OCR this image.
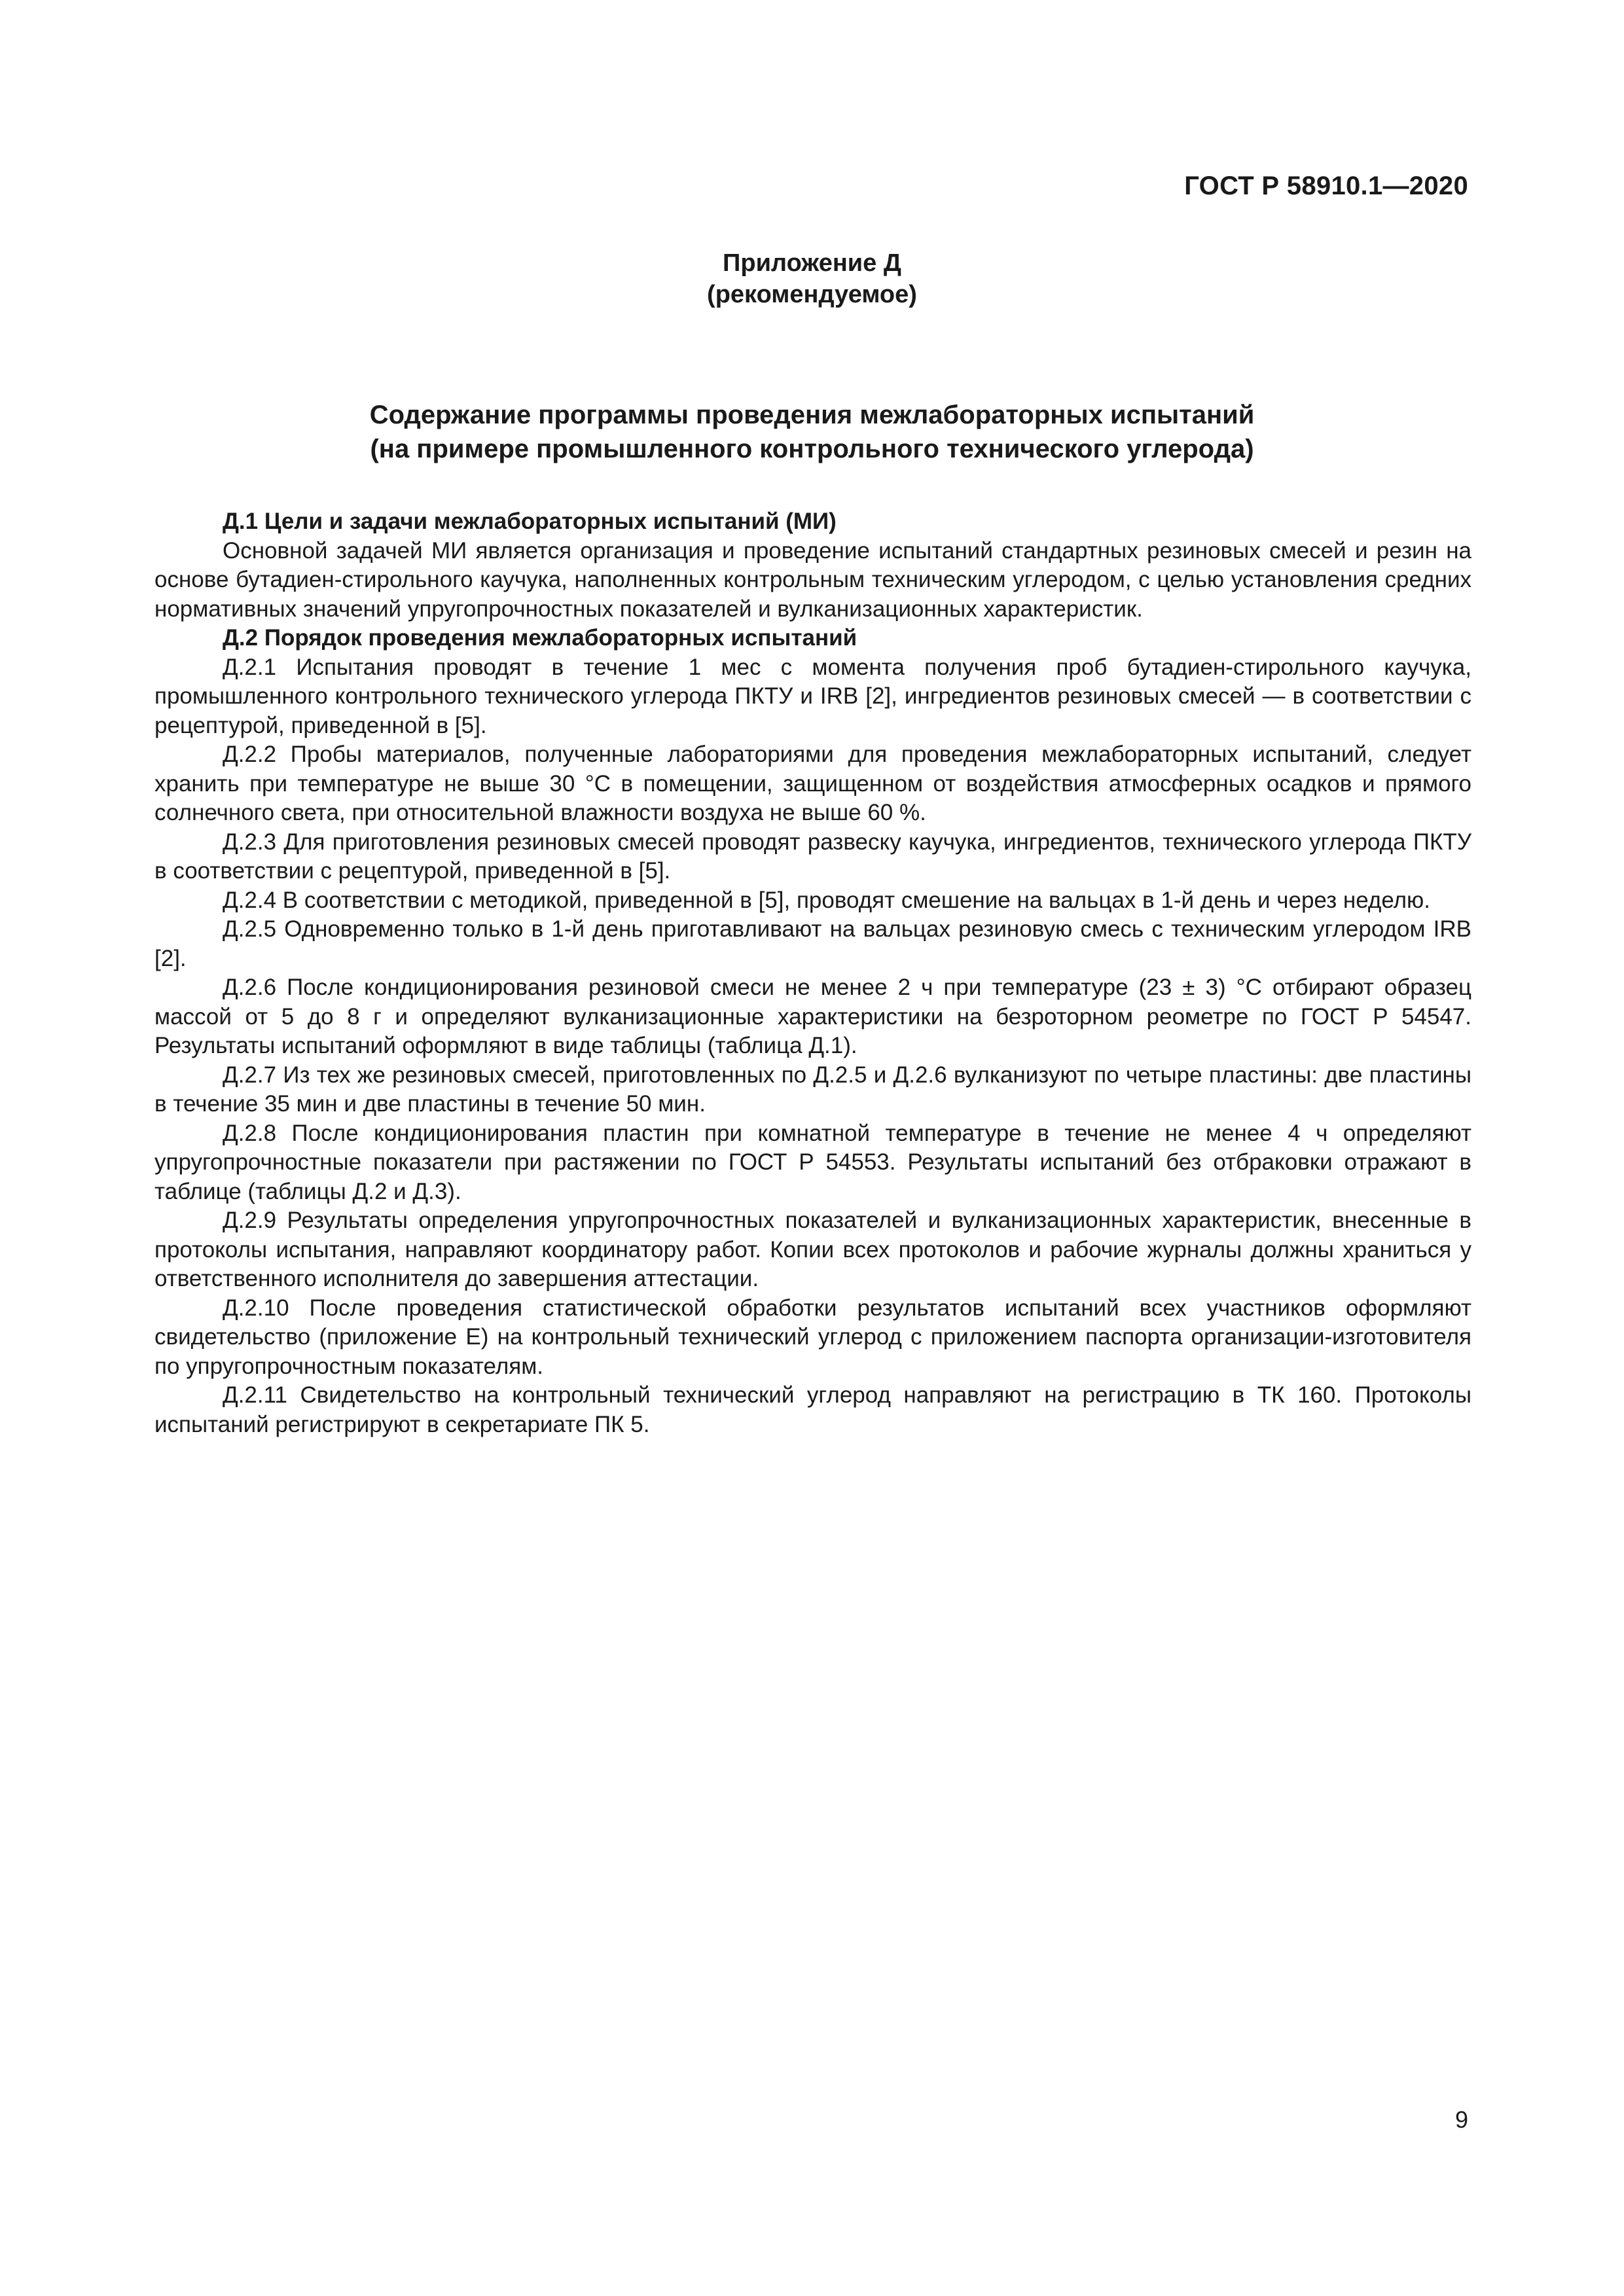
ГОСТ Р 58910.1—2020
Приложение Д
(рекомендуемое)
Содержание программы проведения межлабораторных испытаний
(на примере промышленного контрольного технического углерода)

Д.1 Цели и задачи межлабораторных испытаний (МИ)

Основной задачей МИ является организация и проведение испытаний стандартных резиновых смесей и резин на основе бутадиен-стирольного каучука, наполненных контрольным техническим углеродом, с целью установления средних нормативных значений упругопрочностных показателей и вулканизационных характеристик.

Д.2 Порядок проведения межлабораторных испытаний

Д.2.1 Испытания проводят в течение 1 мес с момента получения проб бутадиен-стирольного каучука, промышленного контрольного технического углерода ПКТУ и IRB [2], ингредиентов резиновых смесей — в соответствии с рецептурой, приведенной в [5].

Д.2.2 Пробы материалов, полученные лабораториями для проведения межлабораторных испытаний, следует хранить при температуре не выше 30 °С в помещении, защищенном от воздействия атмосферных осадков и прямого солнечного света, при относительной влажности воздуха не выше 60 %.

Д.2.3 Для приготовления резиновых смесей проводят развеску каучука, ингредиентов, технического углерода ПКТУ в соответствии с рецептурой, приведенной в [5].

Д.2.4 В соответствии с методикой, приведенной в [5], проводят смешение на вальцах в 1-й день и через неделю.

Д.2.5 Одновременно только в 1-й день приготавливают на вальцах резиновую смесь с техническим углеродом IRB [2].

Д.2.6 После кондиционирования резиновой смеси не менее 2 ч при температуре (23 ± 3) °С отбирают образец массой от 5 до 8 г и определяют вулканизационные характеристики на безроторном реометре по ГОСТ Р 54547. Результаты испытаний оформляют в виде таблицы (таблица Д.1).

Д.2.7 Из тех же резиновых смесей, приготовленных по Д.2.5 и Д.2.6 вулканизуют по четыре пластины: две пластины в течение 35 мин и две пластины в течение 50 мин.

Д.2.8 После кондиционирования пластин при комнатной температуре в течение не менее 4 ч определяют упругопрочностные показатели при растяжении по ГОСТ Р 54553. Результаты испытаний без отбраковки отражают в таблице (таблицы Д.2 и Д.3).

Д.2.9 Результаты определения упругопрочностных показателей и вулканизационных характеристик, внесенные в протоколы испытания, направляют координатору работ. Копии всех протоколов и рабочие журналы должны храниться у ответственного исполнителя до завершения аттестации.

Д.2.10 После проведения статистической обработки результатов испытаний всех участников оформляют свидетельство (приложение Е) на контрольный технический углерод с приложением паспорта организации-изготовителя по упругопрочностным показателям.

Д.2.11 Свидетельство на контрольный технический углерод направляют на регистрацию в ТК 160. Протоколы испытаний регистрируют в секретариате ПК 5.

9
